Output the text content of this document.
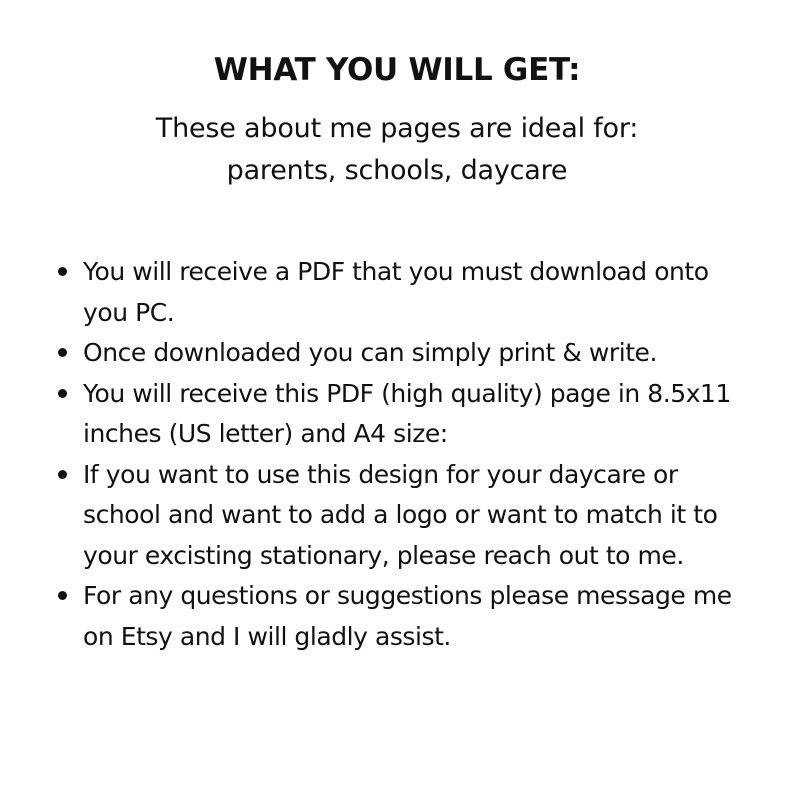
WHAT YOU WILL GET:
These about me pages are ideal for:
parents, schools, daycare
You will receive a PDF that you must download onto you PC.
Once downloaded you can simply print & write.
You will receive this PDF (high quality) page in 8.5x11 inches (US letter) and A4 size:
If you want to use this design for your daycare or school and want to add a logo or want to match it to your excisting stationary, please reach out to me.
For any questions or suggestions please message me on Etsy and I will gladly assist.
